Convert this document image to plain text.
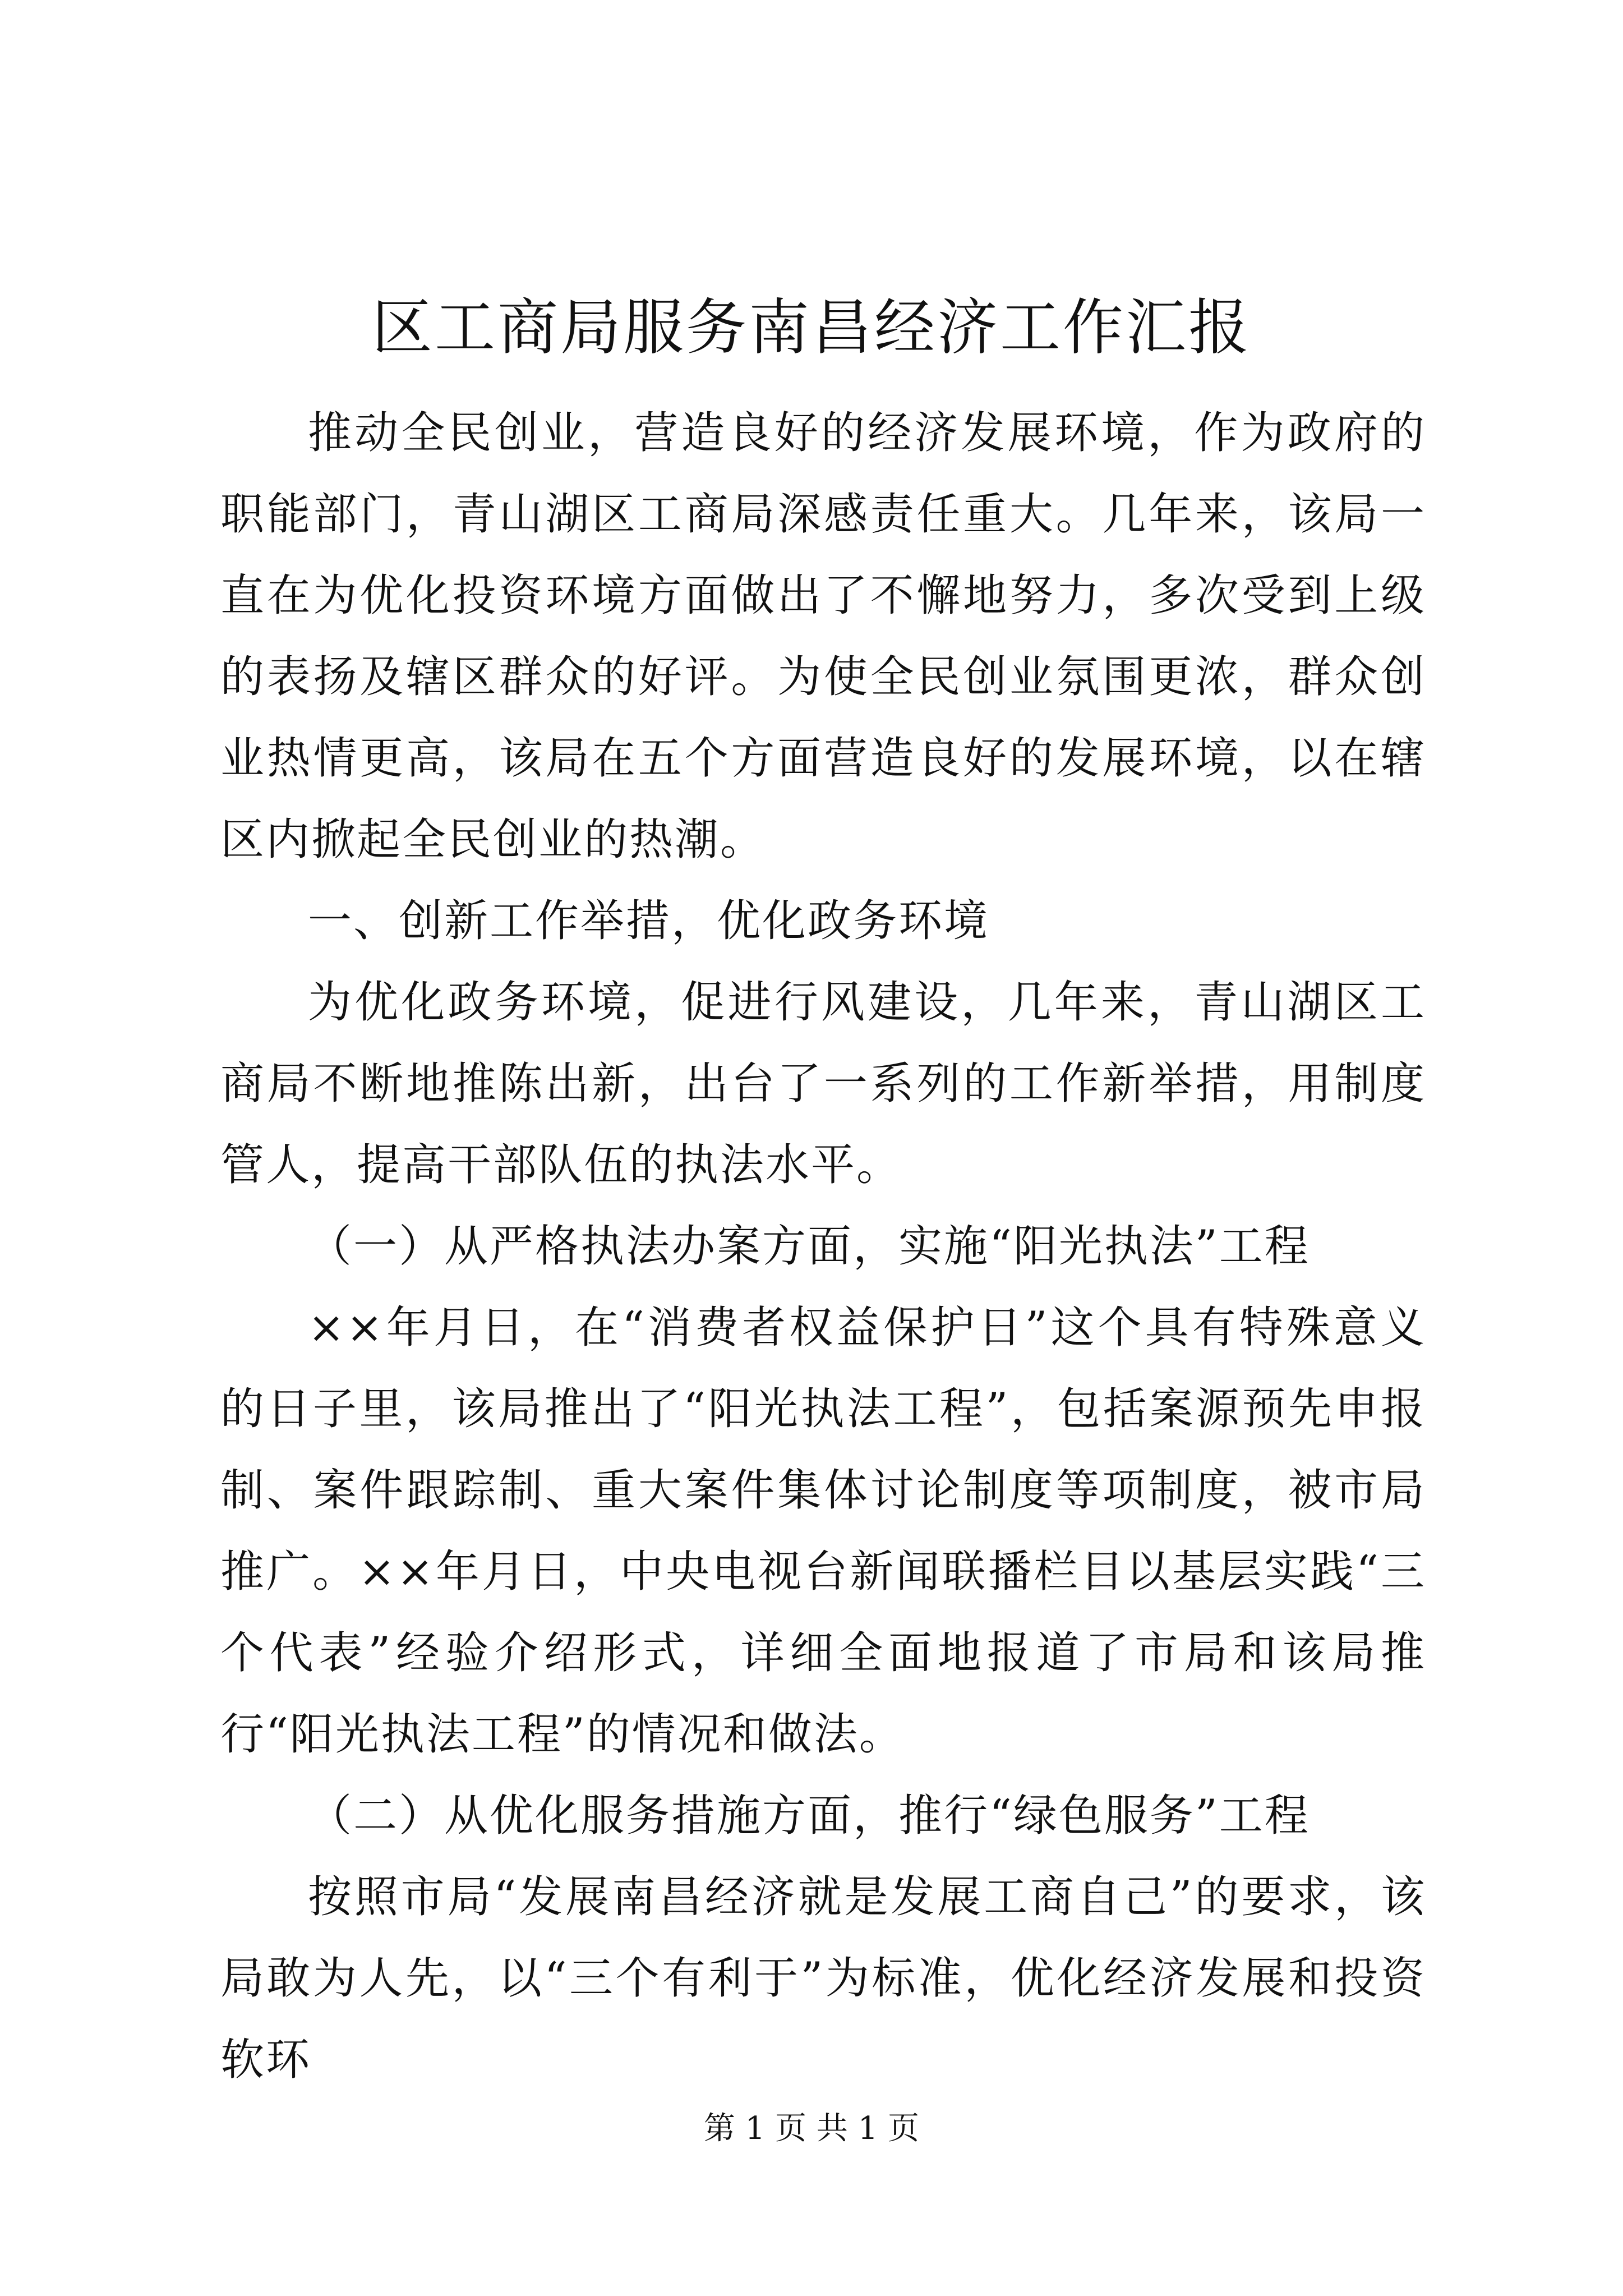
区工商局服务南昌经济工作汇报

推动全民创业，营造良好的经济发展环境，作为政府的职能部门，青山湖区工商局深感责任重大。几年来，该局一直在为优化投资环境方面做出了不懈地努力，多次受到上级的表扬及辖区群众的好评。为使全民创业氛围更浓，群众创业热情更高，该局在五个方面营造良好的发展环境，以在辖区内掀起全民创业的热潮。

一、创新工作举措，优化政务环境

为优化政务环境，促进行风建设，几年来，青山湖区工商局不断地推陈出新，出台了一系列的工作新举措，用制度管人，提高干部队伍的执法水平。

（一）从严格执法办案方面，实施“阳光执法”工程

××年月日，在“消费者权益保护日”这个具有特殊意义的日子里，该局推出了“阳光执法工程”，包括案源预先申报制、案件跟踪制、重大案件集体讨论制度等项制度，被市局推广。××年月日，中央电视台新闻联播栏目以基层实践“三个代表”经验介绍形式，详细全面地报道了市局和该局推行“阳光执法工程”的情况和做法。

（二）从优化服务措施方面，推行“绿色服务”工程

按照市局“发展南昌经济就是发展工商自己”的要求，该局敢为人先，以“三个有利于”为标准，优化经济发展和投资软环

第 1 页 共 1 页
